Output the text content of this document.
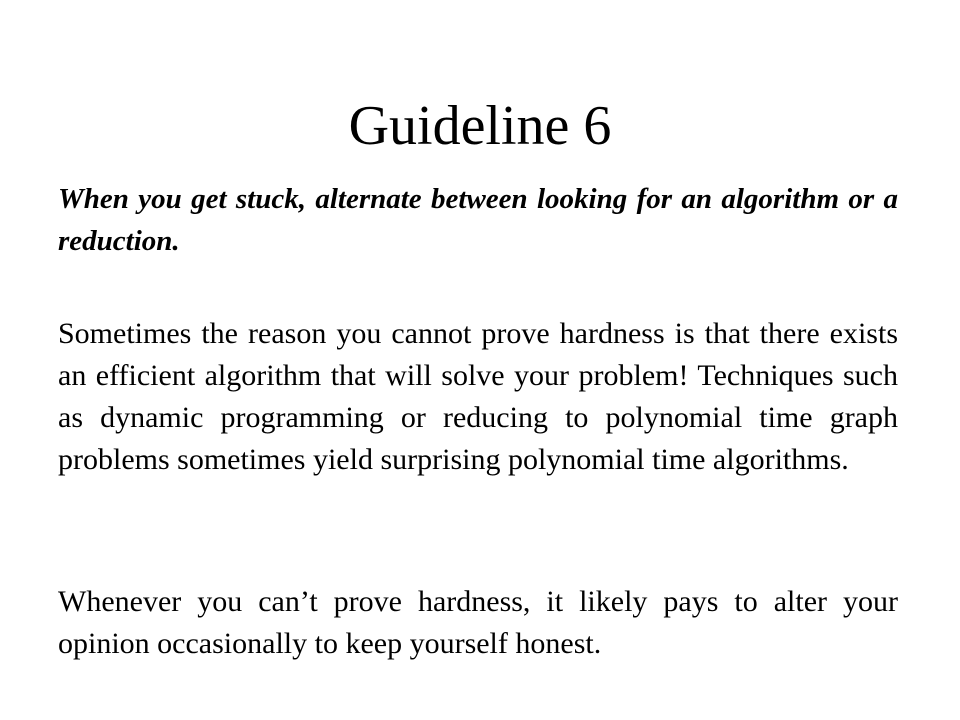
Guideline 6
When you get stuck, alternate between looking for an algorithm or a reduction.
Sometimes the reason you cannot prove hardness is that there exists an efficient algorithm that will solve your problem! Techniques such as dynamic programming or reducing to polynomial time graph problems sometimes yield surprising polynomial time algorithms.
Whenever you can’t prove hardness, it likely pays to alter your opinion occasionally to keep yourself honest.
